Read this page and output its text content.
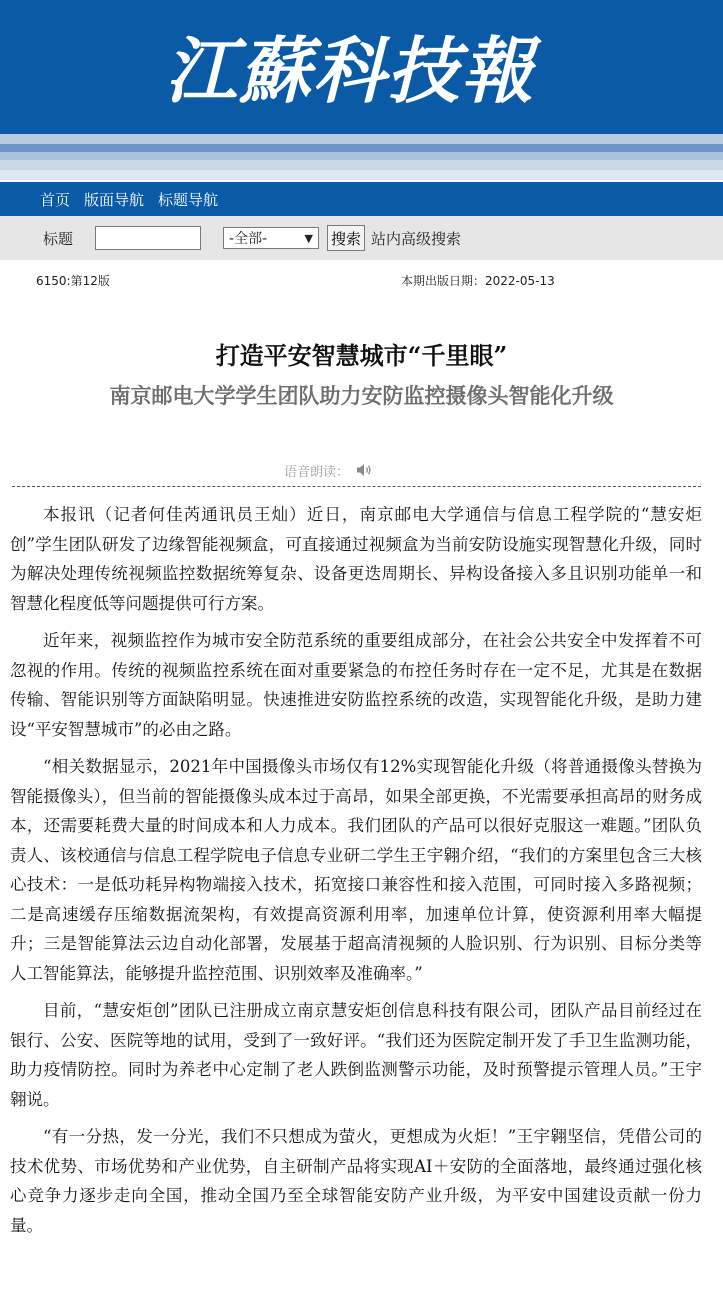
江蘇科技報
首页 版面导航 标题导航
标题	-全部-	▼ 搜索 站内高级搜索
6150:第12版	本期出版日期：2022-05-13
打造平安智慧城市“千里眼”
南京邮电大学学生团队助力安防监控摄像头智能化升级
语音朗读：

本报讯（记者何佳芮通讯员王灿）近日，南京邮电大学通信与信息工程学院的“慧安炬创”学生团队研发了边缘智能视频盒，可直接通过视频盒为当前安防设施实现智慧化升级，同时为解决处理传统视频监控数据统筹复杂、设备更迭周期长、异构设备接入多且识别功能单一和智慧化程度低等问题提供可行方案。

近年来，视频监控作为城市安全防范系统的重要组成部分，在社会公共安全中发挥着不可忽视的作用。传统的视频监控系统在面对重要紧急的布控任务时存在一定不足，尤其是在数据传输、智能识别等方面缺陷明显。快速推进安防监控系统的改造，实现智能化升级，是助力建设“平安智慧城市”的必由之路。

“相关数据显示，2021年中国摄像头市场仅有12%实现智能化升级（将普通摄像头替换为智能摄像头），但当前的智能摄像头成本过于高昂，如果全部更换，不光需要承担高昂的财务成本，还需要耗费大量的时间成本和人力成本。我们团队的产品可以很好克服这一难题。”团队负责人、该校通信与信息工程学院电子信息专业研二学生王宇翱介绍，“我们的方案里包含三大核心技术：一是低功耗异构物端接入技术，拓宽接口兼容性和接入范围，可同时接入多路视频；二是高速缓存压缩数据流架构，有效提高资源利用率，加速单位计算，使资源利用率大幅提升；三是智能算法云边自动化部署，发展基于超高清视频的人脸识别、行为识别、目标分类等人工智能算法，能够提升监控范围、识别效率及准确率。”

目前，“慧安炬创”团队已注册成立南京慧安炬创信息科技有限公司，团队产品目前经过在银行、公安、医院等地的试用，受到了一致好评。“我们还为医院定制开发了手卫生监测功能，助力疫情防控。同时为养老中心定制了老人跌倒监测警示功能，及时预警提示管理人员。”王宇翱说。

“有一分热，发一分光，我们不只想成为萤火，更想成为火炬！”王宇翱坚信，凭借公司的技术优势、市场优势和产业优势，自主研制产品将实现AI＋安防的全面落地，最终通过强化核心竞争力逐步走向全国，推动全国乃至全球智能安防产业升级，为平安中国建设贡献一份力量。
